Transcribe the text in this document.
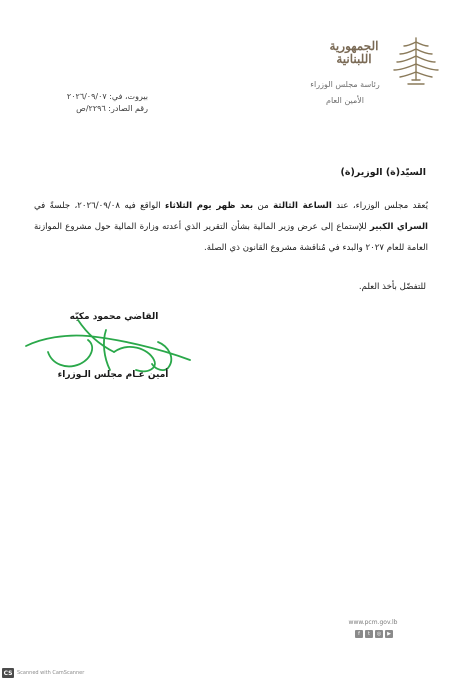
الجمهورية اللبنانية
رئاسة مجلس الوزراء
الأمين العام
بيروت، في: ٢٠٢٦/٠٩/٠٧
رقم الصادر: ٢٢٩٦/ص
السيّد(ة) الوزير(ة)
يُعقد مجلس الوزراء، عند الساعة الثالثة من بعد ظهر يوم الثلاثاء الواقع فيه ٢٠٢٦/٠٩/٠٨، جلسةً في السراي الكبير للإستماع إلى عرض وزير المالية بشأن التقرير الذي أعدته وزارة المالية حول مشروع الموازنة العامة للعام ٢٠٢٧ والبدء في مُناقشة مشروع القانون ذي الصلة.
للتفضّل بأخذ العلم.
القاضي محمود مكيّه
أمين عـام مجلس الـوزراء
www.pcm.gov.lb
f	t	◎	▶
CS Scanned with CamScanner
